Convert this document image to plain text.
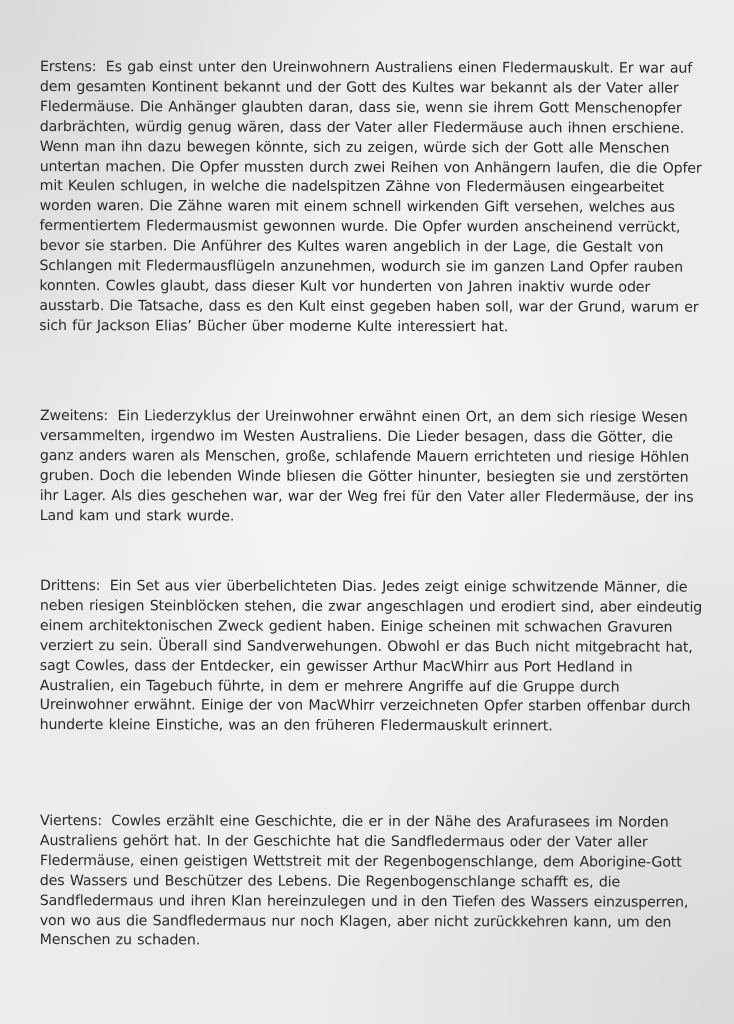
Erstens: Es gab einst unter den Ureinwohnern Australiens einen Fledermauskult. Er war auf dem gesamten Kontinent bekannt und der Gott des Kultes war bekannt als der Vater aller Fledermäuse. Die Anhänger glaubten daran, dass sie, wenn sie ihrem Gott Menschenopfer darbrächten, würdig genug wären, dass der Vater aller Fledermäuse auch ihnen erschiene. Wenn man ihn dazu bewegen könnte, sich zu zeigen, würde sich der Gott alle Menschen untertan machen. Die Opfer mussten durch zwei Reihen von Anhängern laufen, die die Opfer mit Keulen schlugen, in welche die nadelspitzen Zähne von Fledermäusen eingearbeitet worden waren. Die Zähne waren mit einem schnell wirkenden Gift versehen, welches aus fermentiertem Fledermausmist gewonnen wurde. Die Opfer wurden anscheinend verrückt, bevor sie starben. Die Anführer des Kultes waren angeblich in der Lage, die Gestalt von Schlangen mit Fledermausflügeln anzunehmen, wodurch sie im ganzen Land Opfer rauben konnten. Cowles glaubt, dass dieser Kult vor hunderten von Jahren inaktiv wurde oder ausstarb. Die Tatsache, dass es den Kult einst gegeben haben soll, war der Grund, warum er sich für Jackson Elias’ Bücher über moderne Kulte interessiert hat.

Zweitens: Ein Liederzyklus der Ureinwohner erwähnt einen Ort, an dem sich riesige Wesen versammelten, irgendwo im Westen Australiens. Die Lieder besagen, dass die Götter, die ganz anders waren als Menschen, große, schlafende Mauern errichteten und riesige Höhlen gruben. Doch die lebenden Winde bliesen die Götter hinunter, besiegten sie und zerstörten ihr Lager. Als dies geschehen war, war der Weg frei für den Vater aller Fledermäuse, der ins Land kam und stark wurde.

Drittens: Ein Set aus vier überbelichteten Dias. Jedes zeigt einige schwitzende Männer, die neben riesigen Steinblöcken stehen, die zwar angeschlagen und erodiert sind, aber eindeutig einem architektonischen Zweck gedient haben. Einige scheinen mit schwachen Gravuren verziert zu sein. Überall sind Sandverwehungen. Obwohl er das Buch nicht mitgebracht hat, sagt Cowles, dass der Entdecker, ein gewisser Arthur MacWhirr aus Port Hedland in Australien, ein Tagebuch führte, in dem er mehrere Angriffe auf die Gruppe durch Ureinwohner erwähnt. Einige der von MacWhirr verzeichneten Opfer starben offenbar durch hunderte kleine Einstiche, was an den früheren Fledermauskult erinnert.

Viertens: Cowles erzählt eine Geschichte, die er in der Nähe des Arafurasees im Norden Australiens gehört hat. In der Geschichte hat die Sandfledermaus oder der Vater aller Fledermäuse, einen geistigen Wettstreit mit der Regenbogenschlange, dem Aborigine-Gott des Wassers und Beschützer des Lebens. Die Regenbogenschlange schafft es, die Sandfledermaus und ihren Klan hereinzulegen und in den Tiefen des Wassers einzusperren, von wo aus die Sandfledermaus nur noch Klagen, aber nicht zurückkehren kann, um den Menschen zu schaden.
